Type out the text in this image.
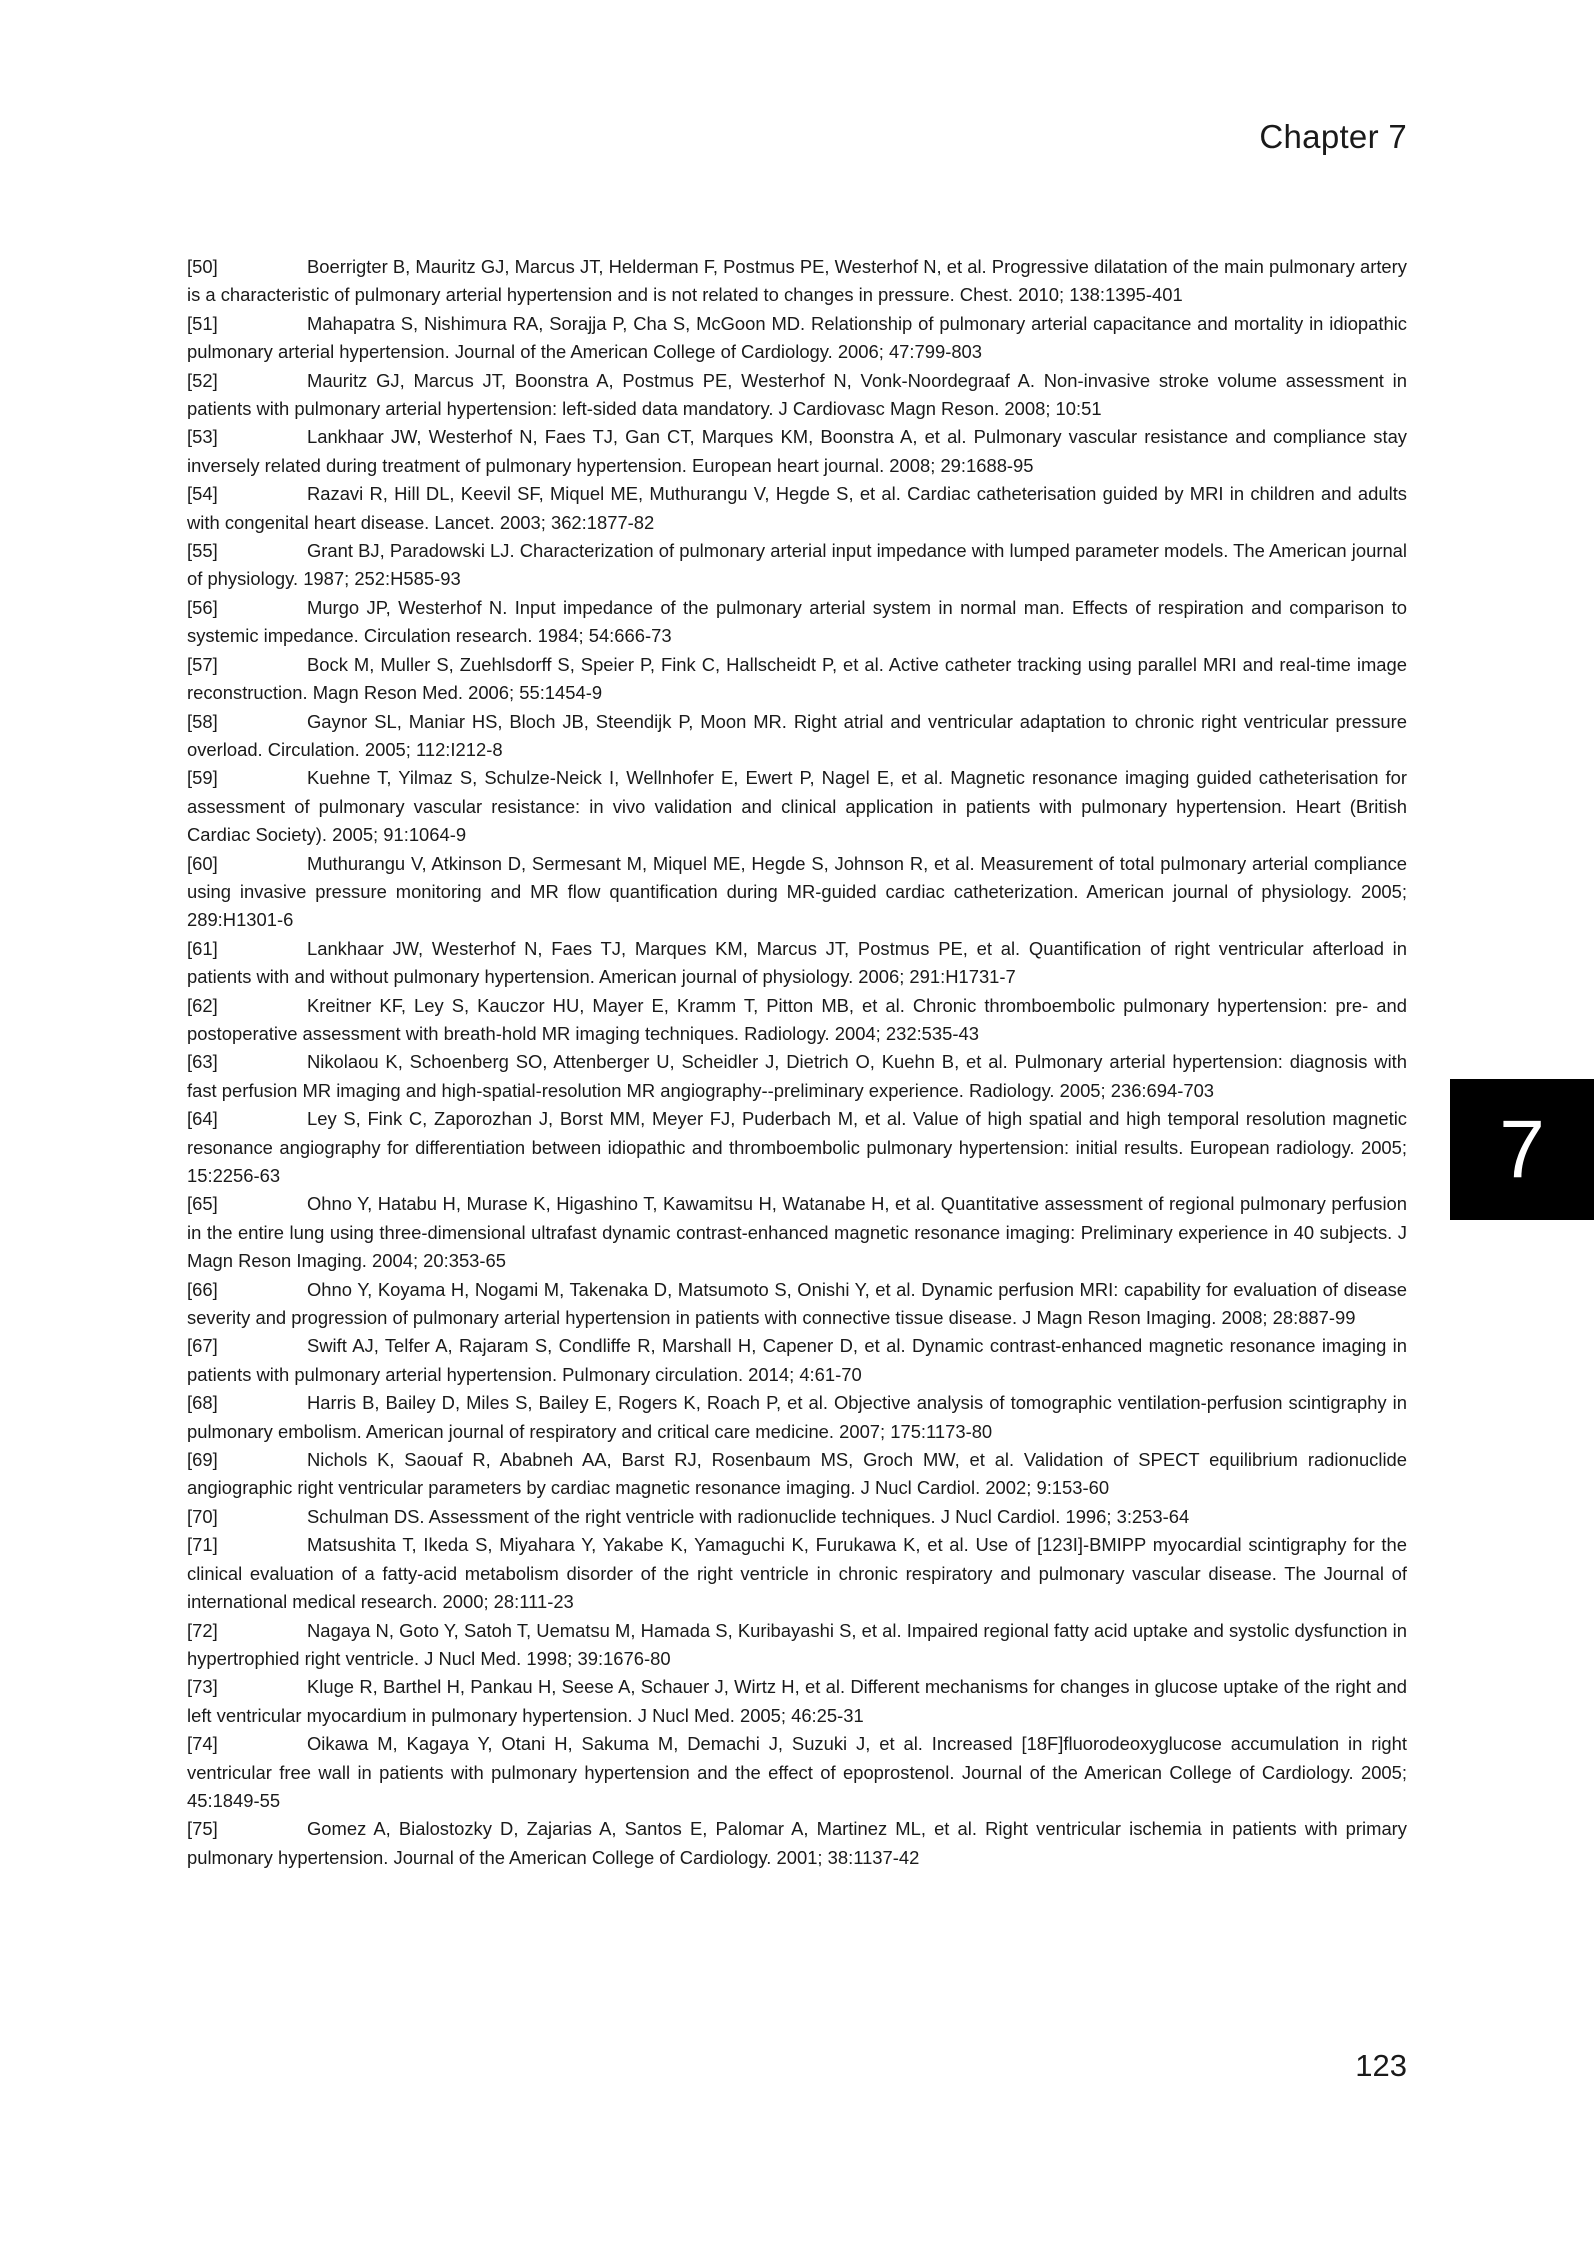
Chapter 7

[50]	Boerrigter B, Mauritz GJ, Marcus JT, Helderman F, Postmus PE, Westerhof N, et al. Progressive dilatation of the main pulmonary artery is a characteristic of pulmonary arterial hypertension and is not related to changes in pressure. Chest. 2010; 138:1395-401

[51]	Mahapatra S, Nishimura RA, Sorajja P, Cha S, McGoon MD. Relationship of pulmonary arterial capacitance and mortality in idiopathic pulmonary arterial hypertension. Journal of the American College of Cardiology. 2006; 47:799-803

[52]	Mauritz GJ, Marcus JT, Boonstra A, Postmus PE, Westerhof N, Vonk-Noordegraaf A. Non-invasive stroke volume assessment in patients with pulmonary arterial hypertension: left-sided data mandatory. J Cardiovasc Magn Reson. 2008; 10:51

[53]	Lankhaar JW, Westerhof N, Faes TJ, Gan CT, Marques KM, Boonstra A, et al. Pulmonary vascular resistance and compliance stay inversely related during treatment of pulmonary hypertension. European heart journal. 2008; 29:1688-95

[54]	Razavi R, Hill DL, Keevil SF, Miquel ME, Muthurangu V, Hegde S, et al. Cardiac catheterisation guided by MRI in children and adults with congenital heart disease. Lancet. 2003; 362:1877-82

[55]	Grant BJ, Paradowski LJ. Characterization of pulmonary arterial input impedance with lumped parameter models. The American journal of physiology. 1987; 252:H585-93

[56]	Murgo JP, Westerhof N. Input impedance of the pulmonary arterial system in normal man. Effects of respiration and comparison to systemic impedance. Circulation research. 1984; 54:666-73

[57]	Bock M, Muller S, Zuehlsdorff S, Speier P, Fink C, Hallscheidt P, et al. Active catheter tracking using parallel MRI and real-time image reconstruction. Magn Reson Med. 2006; 55:1454-9

[58]	Gaynor SL, Maniar HS, Bloch JB, Steendijk P, Moon MR. Right atrial and ventricular adaptation to chronic right ventricular pressure overload. Circulation. 2005; 112:I212-8

[59]	Kuehne T, Yilmaz S, Schulze-Neick I, Wellnhofer E, Ewert P, Nagel E, et al. Magnetic resonance imaging guided catheterisation for assessment of pulmonary vascular resistance: in vivo validation and clinical application in patients with pulmonary hypertension. Heart (British Cardiac Society). 2005; 91:1064-9

[60]	Muthurangu V, Atkinson D, Sermesant M, Miquel ME, Hegde S, Johnson R, et al. Measurement of total pulmonary arterial compliance using invasive pressure monitoring and MR flow quantification during MR-guided cardiac catheterization. American journal of physiology. 2005; 289:H1301-6

[61]	Lankhaar JW, Westerhof N, Faes TJ, Marques KM, Marcus JT, Postmus PE, et al. Quantification of right ventricular afterload in patients with and without pulmonary hypertension. American journal of physiology. 2006; 291:H1731-7

[62]	Kreitner KF, Ley S, Kauczor HU, Mayer E, Kramm T, Pitton MB, et al. Chronic thromboembolic pulmonary hypertension: pre- and postoperative assessment with breath-hold MR imaging techniques. Radiology. 2004; 232:535-43

[63]	Nikolaou K, Schoenberg SO, Attenberger U, Scheidler J, Dietrich O, Kuehn B, et al. Pulmonary arterial hypertension: diagnosis with fast perfusion MR imaging and high-spatial-resolution MR angiography--preliminary experience. Radiology. 2005; 236:694-703

[64]	Ley S, Fink C, Zaporozhan J, Borst MM, Meyer FJ, Puderbach M, et al. Value of high spatial and high temporal resolution magnetic resonance angiography for differentiation between idiopathic and thromboembolic pulmonary hypertension: initial results. European radiology. 2005; 15:2256-63

[65]	Ohno Y, Hatabu H, Murase K, Higashino T, Kawamitsu H, Watanabe H, et al. Quantitative assessment of regional pulmonary perfusion in the entire lung using three-dimensional ultrafast dynamic contrast-enhanced magnetic resonance imaging: Preliminary experience in 40 subjects. J Magn Reson Imaging. 2004; 20:353-65

[66]	Ohno Y, Koyama H, Nogami M, Takenaka D, Matsumoto S, Onishi Y, et al. Dynamic perfusion MRI: capability for evaluation of disease severity and progression of pulmonary arterial hypertension in patients with connective tissue disease. J Magn Reson Imaging. 2008; 28:887-99

[67]	Swift AJ, Telfer A, Rajaram S, Condliffe R, Marshall H, Capener D, et al. Dynamic contrast-enhanced magnetic resonance imaging in patients with pulmonary arterial hypertension. Pulmonary circulation. 2014; 4:61-70

[68]	Harris B, Bailey D, Miles S, Bailey E, Rogers K, Roach P, et al. Objective analysis of tomographic ventilation-perfusion scintigraphy in pulmonary embolism. American journal of respiratory and critical care medicine. 2007; 175:1173-80

[69]	Nichols K, Saouaf R, Ababneh AA, Barst RJ, Rosenbaum MS, Groch MW, et al. Validation of SPECT equilibrium radionuclide angiographic right ventricular parameters by cardiac magnetic resonance imaging. J Nucl Cardiol. 2002; 9:153-60

[70]	Schulman DS. Assessment of the right ventricle with radionuclide techniques. J Nucl Cardiol. 1996; 3:253-64

[71]	Matsushita T, Ikeda S, Miyahara Y, Yakabe K, Yamaguchi K, Furukawa K, et al. Use of [123I]-BMIPP myocardial scintigraphy for the clinical evaluation of a fatty-acid metabolism disorder of the right ventricle in chronic respiratory and pulmonary vascular disease. The Journal of international medical research. 2000; 28:111-23

[72]	Nagaya N, Goto Y, Satoh T, Uematsu M, Hamada S, Kuribayashi S, et al. Impaired regional fatty acid uptake and systolic dysfunction in hypertrophied right ventricle. J Nucl Med. 1998; 39:1676-80

[73]	Kluge R, Barthel H, Pankau H, Seese A, Schauer J, Wirtz H, et al. Different mechanisms for changes in glucose uptake of the right and left ventricular myocardium in pulmonary hypertension. J Nucl Med. 2005; 46:25-31

[74]	Oikawa M, Kagaya Y, Otani H, Sakuma M, Demachi J, Suzuki J, et al. Increased [18F]fluorodeoxyglucose accumulation in right ventricular free wall in patients with pulmonary hypertension and the effect of epoprostenol. Journal of the American College of Cardiology. 2005; 45:1849-55

[75]	Gomez A, Bialostozky D, Zajarias A, Santos E, Palomar A, Martinez ML, et al. Right ventricular ischemia in patients with primary pulmonary hypertension. Journal of the American College of Cardiology. 2001; 38:1137-42

7
123
